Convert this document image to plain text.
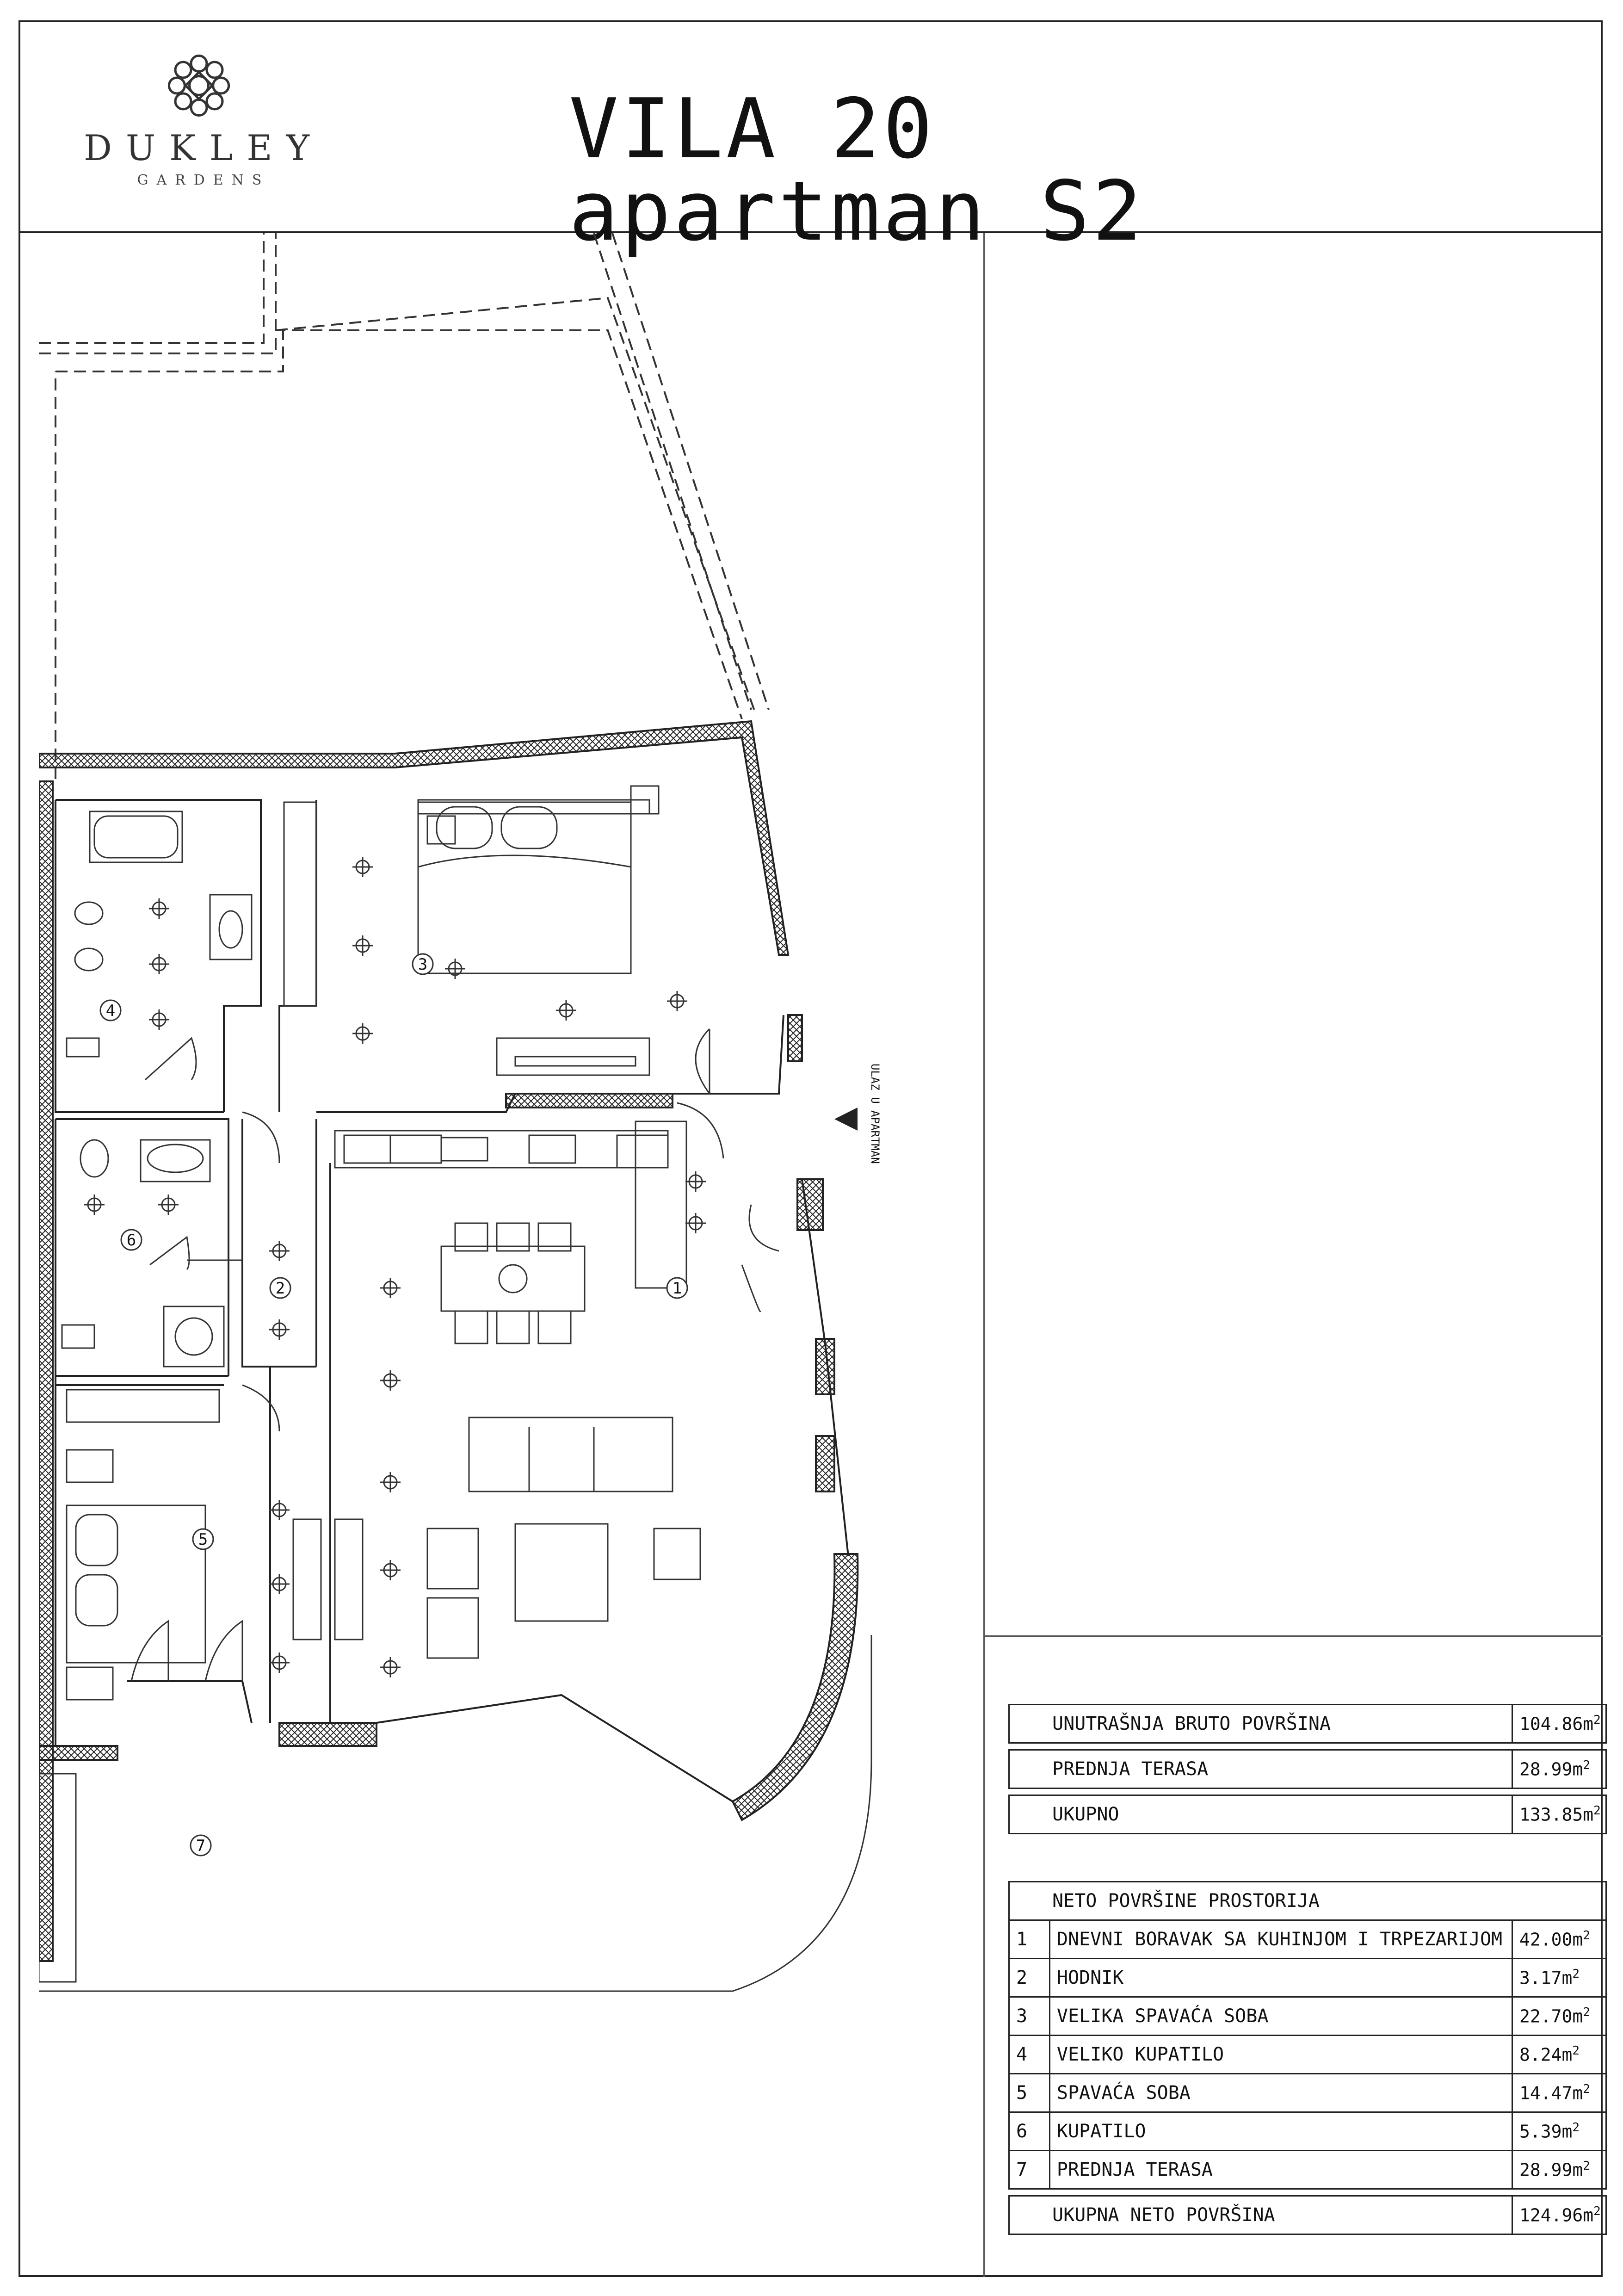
DUKLEY
GARDENS
VILA 20 apartman S2
3
4
6
2	1
5
7
ULAZ U APARTMAN
UNUTRAŠNJA BRUTO POVRŠINA	$104.86m^2$

PREDNJA TERASA	$28.99m^2$

UKUPNO	$133.85m^2$
NETO POVRŠINE PROSTORIJA		
1	DNEVNI BORAVAK SA KUHINJOM I TRPEZARIJOM	$42.00m^2$
2	HODNIK	$3.17m^2$
3	VELIKA SPAVAĆA SOBA	$22.70m^2$
4	VELIKO KUPATILO	$8.24m^2$
5	SPAVAĆA SOBA	$14.47m^2$
6	KUPATILO	$5.39m^2$
7	PREDNJA TERASA	$28.99m^2$

UKUPNA NETO POVRŠINA		$124.96m^2$
